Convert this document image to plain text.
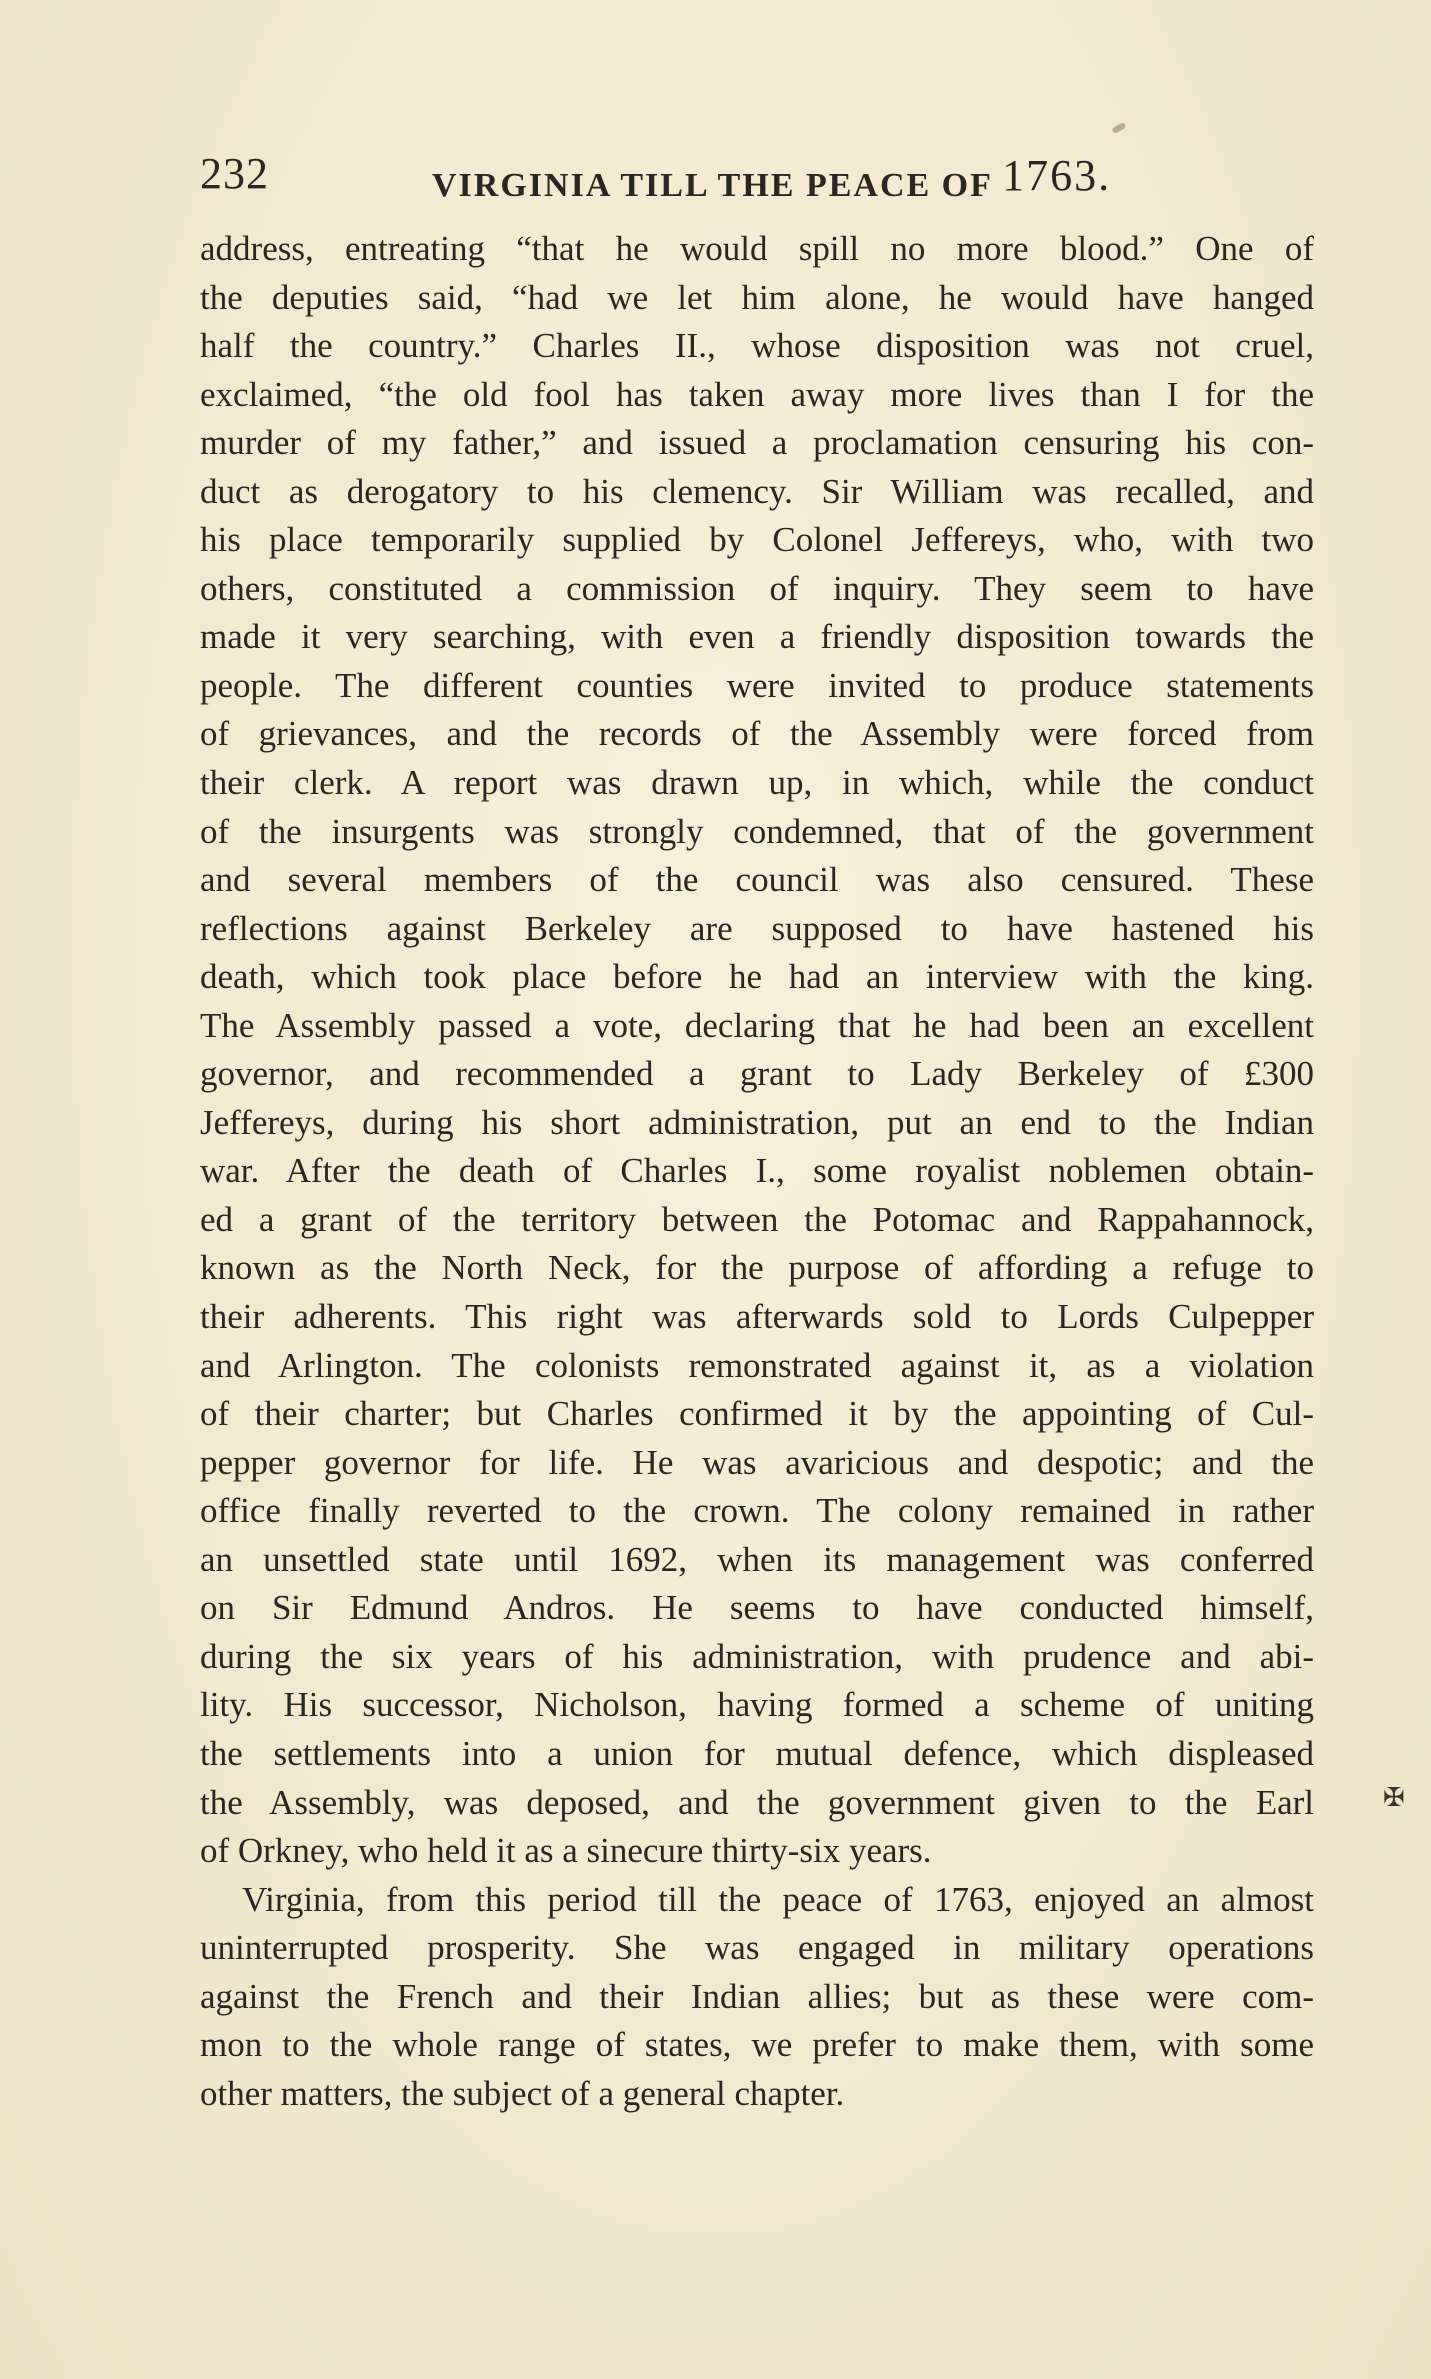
232	VIRGINIA TILL THE PEACE OF 1763.
address, entreating “that he would spill no more blood.” One of
the deputies said, “had we let him alone, he would have hanged
half the country.” Charles II., whose disposition was not cruel,
exclaimed, “the old fool has taken away more lives than I for the
murder of my father,” and issued a proclamation censuring his con-
duct as derogatory to his clemency. Sir William was recalled, and
his place temporarily supplied by Colonel Jeffereys, who, with two
others, constituted a commission of inquiry. They seem to have
made it very searching, with even a friendly disposition towards the
people. The different counties were invited to produce statements
of grievances, and the records of the Assembly were forced from
their clerk. A report was drawn up, in which, while the conduct
of the insurgents was strongly condemned, that of the government
and several members of the council was also censured. These
reflections against Berkeley are supposed to have hastened his
death, which took place before he had an interview with the king.
The Assembly passed a vote, declaring that he had been an excellent
governor, and recommended a grant to Lady Berkeley of £300
Jeffereys, during his short administration, put an end to the Indian
war. After the death of Charles I., some royalist noblemen obtain-
ed a grant of the territory between the Potomac and Rappahannock,
known as the North Neck, for the purpose of affording a refuge to
their adherents. This right was afterwards sold to Lords Culpepper
and Arlington. The colonists remonstrated against it, as a violation
of their charter; but Charles confirmed it by the appointing of Cul-
pepper governor for life. He was avaricious and despotic; and the
office finally reverted to the crown. The colony remained in rather
an unsettled state until 1692, when its management was conferred
on Sir Edmund Andros. He seems to have conducted himself,
during the six years of his administration, with prudence and abi-
lity. His successor, Nicholson, having formed a scheme of uniting
the settlements into a union for mutual defence, which displeased
the Assembly, was deposed, and the government given to the Earl
of Orkney, who held it as a sinecure thirty-six years.
Virginia, from this period till the peace of 1763, enjoyed an almost
uninterrupted prosperity. She was engaged in military operations
against the French and their Indian allies; but as these were com-
mon to the whole range of states, we prefer to make them, with some
other matters, the subject of a general chapter.
✠
